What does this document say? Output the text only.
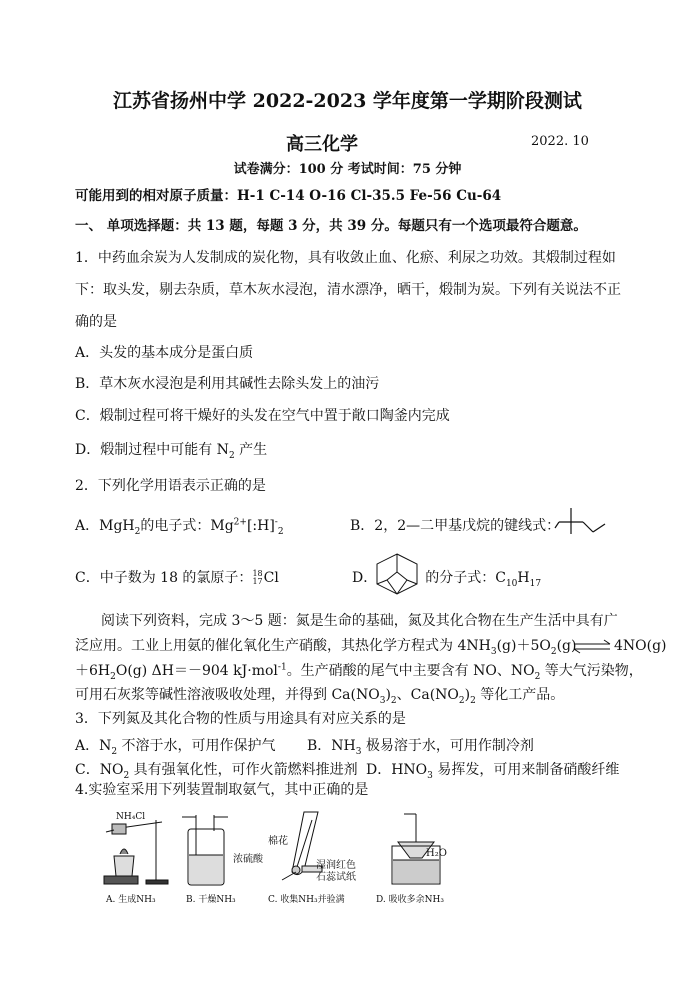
江苏省扬州中学 2022-2023 学年度第一学期阶段测试
高三化学	2022. 10
试卷满分：100 分 考试时间：75 分钟
可能用到的相对原子质量：H-1 C-14 O-16 Cl-35.5 Fe-56 Cu-64
一、 单项选择题：共 13 题，每题 3 分，共 39 分。每题只有一个选项最符合题意。
1．中药血余炭为人发制成的炭化物，具有收敛止血、化瘀、利尿之功效。其煅制过程如
下：取头发，剔去杂质，草木灰水浸泡，清水漂净，晒干，煅制为炭。下列有关说法不正
确的是
A．头发的基本成分是蛋白质
B．草木灰水浸泡是利用其碱性去除头发上的油污
C．煅制过程可将干燥好的头发在空气中置于敞口陶釜内完成
D．煅制过程中可能有 $N_2$ 产生
2．下列化学用语表示正确的是
A．MgH$_2$的电子式：$Mg^{2+}[:H]^-_2$	B．2，2—二甲基戊烷的键线式：
C．中子数为 18 的氯原子：18
17Cl	D．	的分子式：$C_{10}H_{17}$
阅读下列资料，完成 3～5 题：氮是生命的基础，氮及其化合物在生产生活中具有广
泛应用。工业上用氨的催化氧化生产硝酸，其热化学方程式为 $4NH_3(g)+5O_2(g)$ ⇌ 4NO(g)
$+6H_2O(g)$ ΔH＝－904 kJ·mol$^{-1}$。生产硝酸的尾气中主要含有 NO、$NO_2$ 等大气污染物，
可用石灰浆等碱性溶液吸收处理，并得到 $Ca(NO_3)_2$、$Ca(NO_2)_2$ 等化工产品。
3．下列氮及其化合物的性质与用途具有对应关系的是
A．$N_2$ 不溶于水，可用作保护气 B．$NH_3$ 极易溶于水，可用作制冷剂
C．$NO_2$ 具有强氧化性，可作火箭燃料推进剂 D．$HNO_3$ 易挥发，可用来制备硝酸纤维
4.实验室采用下列装置制取氨气，其中正确的是
NH₄Cl
A. 生成NH₃
浓硫酸
B. 干燥NH₃
棉花
湿润红色
石蕊试纸
C. 收集NH₃并验满
H₂O
D. 吸收多余NH₃
